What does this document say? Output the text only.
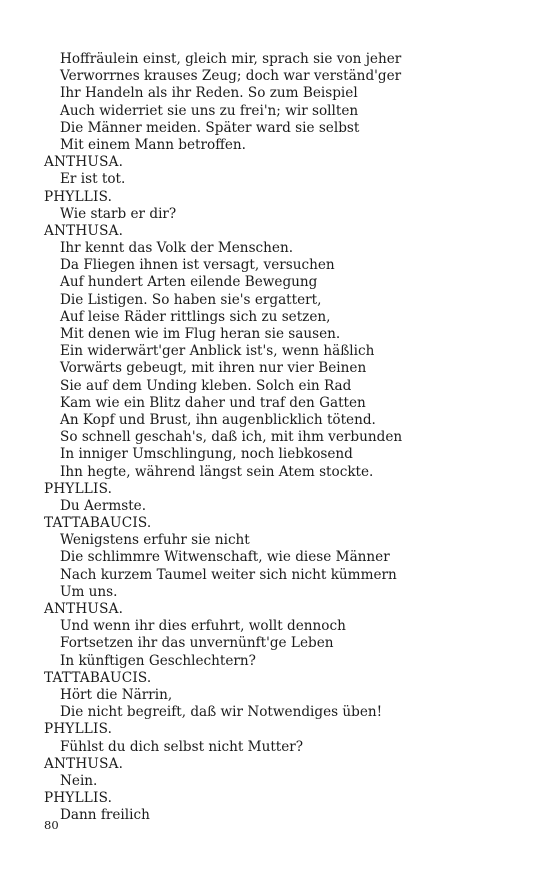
Hoffräulein einst, gleich mir, sprach sie von jeher
Verworrnes krauses Zeug; doch war verständ'ger
Ihr Handeln als ihr Reden. So zum Beispiel
Auch widerriet sie uns zu frei'n; wir sollten
Die Männer meiden. Später ward sie selbst
Mit einem Mann betroffen.
ANTHUSA.
Er ist tot.
PHYLLIS.
Wie starb er dir?
ANTHUSA.
Ihr kennt das Volk der Menschen.
Da Fliegen ihnen ist versagt, versuchen
Auf hundert Arten eilende Bewegung
Die Listigen. So haben sie's ergattert,
Auf leise Räder rittlings sich zu setzen,
Mit denen wie im Flug heran sie sausen.
Ein widerwärt'ger Anblick ist's, wenn häßlich
Vorwärts gebeugt, mit ihren nur vier Beinen
Sie auf dem Unding kleben. Solch ein Rad
Kam wie ein Blitz daher und traf den Gatten
An Kopf und Brust, ihn augenblicklich tötend.
So schnell geschah's, daß ich, mit ihm verbunden
In inniger Umschlingung, noch liebkosend
Ihn hegte, während längst sein Atem stockte.
PHYLLIS.
Du Aermste.
TATTABAUCIS.
Wenigstens erfuhr sie nicht
Die schlimmre Witwenschaft, wie diese Männer
Nach kurzem Taumel weiter sich nicht kümmern
Um uns.
ANTHUSA.
Und wenn ihr dies erfuhrt, wollt dennoch
Fortsetzen ihr das unvernünft'ge Leben
In künftigen Geschlechtern?
TATTABAUCIS.
Hört die Närrin,
Die nicht begreift, daß wir Notwendiges üben!
PHYLLIS.
Fühlst du dich selbst nicht Mutter?
ANTHUSA.
Nein.
PHYLLIS.
Dann freilich
80
